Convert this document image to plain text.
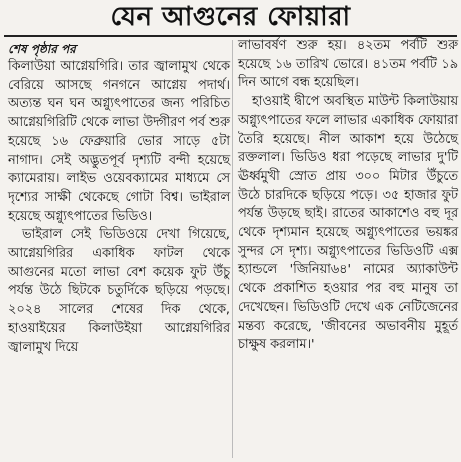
যেন আগুনের ফোয়ারা

শেষ পৃষ্ঠার পর

কিলাউয়া আগ্নেয়গিরি। তার জ্বালামুখ থেকে বেরিয়ে আসছে গনগনে আগ্নেয় পদার্থ। অত্যন্ত ঘন ঘন অগ্ন্যুৎপাতের জন্য পরিচিত আগ্নেয়গিরিটি থেকে লাভা উদ্গীরণ পর্ব শুরু হয়েছে ১৬ ফেব্রুয়ারি ভোর সাড়ে ৫টা নাগাদ। সেই অদ্ভুতপূর্ব দৃশ্যটি বন্দী হয়েছে ক্যামেরায়। লাইভ ওয়েবক্যামের মাধ্যমে সে দৃশ্যের সাক্ষী থেকেছে গোটা বিশ্ব। ভাইরাল হয়েছে অগ্ন্যুৎপাতের ভিডিও।

ভাইরাল সেই ভিডিওয়ে দেখা গিয়েছে, আগ্নেয়গিরির একাধিক ফাটল থেকে আগুনের মতো লাভা বেশ কয়েক ফুট উঁচু পর্যন্ত উঠে ছিটকে চতুর্দিকে ছড়িয়ে পড়ছে। ২০২৪ সালের শেষের দিক থেকে, হাওয়াইয়ের কিলাউইয়া আগ্নেয়গিরির জ্বালামুখ দিয়ে

লাভাবর্ষণ শুরু হয়। ৪২তম পর্বটি শুরু হয়েছে ১৬ তারিখ ভোরে। ৪১তম পর্বটি ১৯ দিন আগে বন্ধ হয়েছিল।

হাওয়াই দ্বীপে অবস্থিত মাউন্ট কিলাউয়ায় অগ্ন্যুৎপাতের ফলে লাভার একাধিক ফোয়ারা তৈরি হয়েছে। নীল আকাশ হয়ে উঠেছে রক্তলাল। ভিডিও ধরা পড়েছে লাভার দু'টি ঊর্ধ্বমুখী স্রোত প্রায় ৩০০ মিটার উঁচুতে উঠে চারদিকে ছড়িয়ে পড়ে। ৩৫ হাজার ফুট পর্যন্ত উড়ছে ছাই। রাতের আকাশেও বহু দূর থেকে দৃশ্যমান হয়েছে অগ্ন্যুৎপাতের ভয়ঙ্কর সুন্দর সে দৃশ্য। অগ্ন্যুৎপাতের ভিডিওটি এক্স হ্যান্ডলে 'জিনিয়া৬৪' নামের অ্যাকাউন্ট থেকে প্রকাশিত হওয়ার পর বহু মানুষ তা দেখেছেন। ভিডিওটি দেখে এক নেটিজেনের মন্তব্য করেছে, 'জীবনের অভাবনীয় মুহূর্ত চাক্ষুষ করলাম।'
